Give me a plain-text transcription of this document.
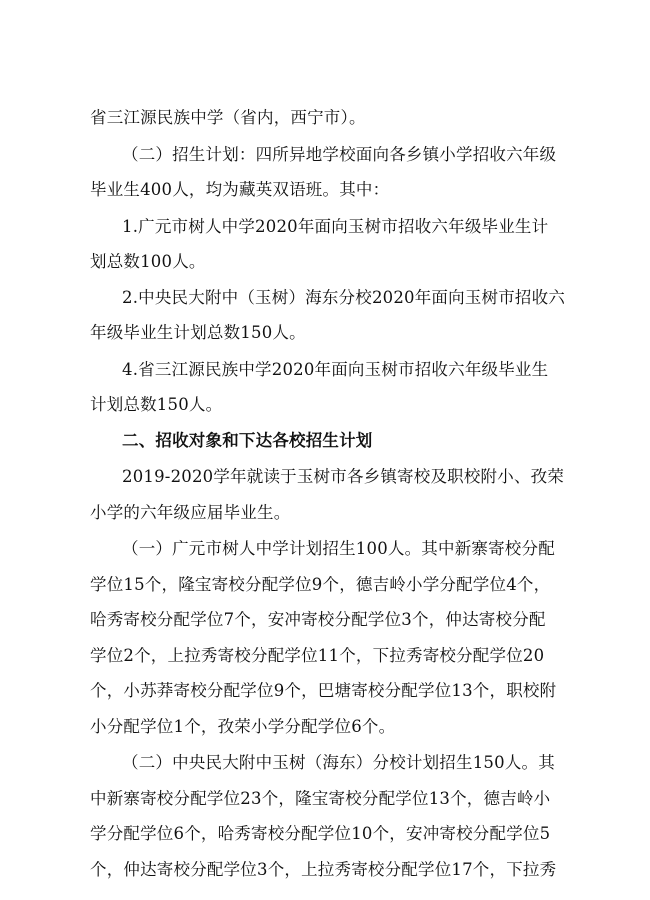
省三江源民族中学（省内，西宁市）。
（二）招生计划：四所异地学校面向各乡镇小学招收六年级
毕业生400人，均为藏英双语班。其中：
1.广元市树人中学2020年面向玉树市招收六年级毕业生计
划总数100人。
2.中央民大附中（玉树）海东分校2020年面向玉树市招收六
年级毕业生计划总数150人。
4.省三江源民族中学2020年面向玉树市招收六年级毕业生
计划总数150人。
二、招收对象和下达各校招生计划
2019-2020学年就读于玉树市各乡镇寄校及职校附小、孜荣
小学的六年级应届毕业生。
（一）广元市树人中学计划招生100人。其中新寨寄校分配
学位15个，隆宝寄校分配学位9个，德吉岭小学分配学位4个，
哈秀寄校分配学位7个，安冲寄校分配学位3个，仲达寄校分配
学位2个，上拉秀寄校分配学位11个，下拉秀寄校分配学位20
个，小苏莽寄校分配学位9个，巴塘寄校分配学位13个，职校附
小分配学位1个，孜荣小学分配学位6个。
（二）中央民大附中玉树（海东）分校计划招生150人。其
中新寨寄校分配学位23个，隆宝寄校分配学位13个，德吉岭小
学分配学位6个，哈秀寄校分配学位10个，安冲寄校分配学位5
个，仲达寄校分配学位3个，上拉秀寄校分配学位17个，下拉秀
